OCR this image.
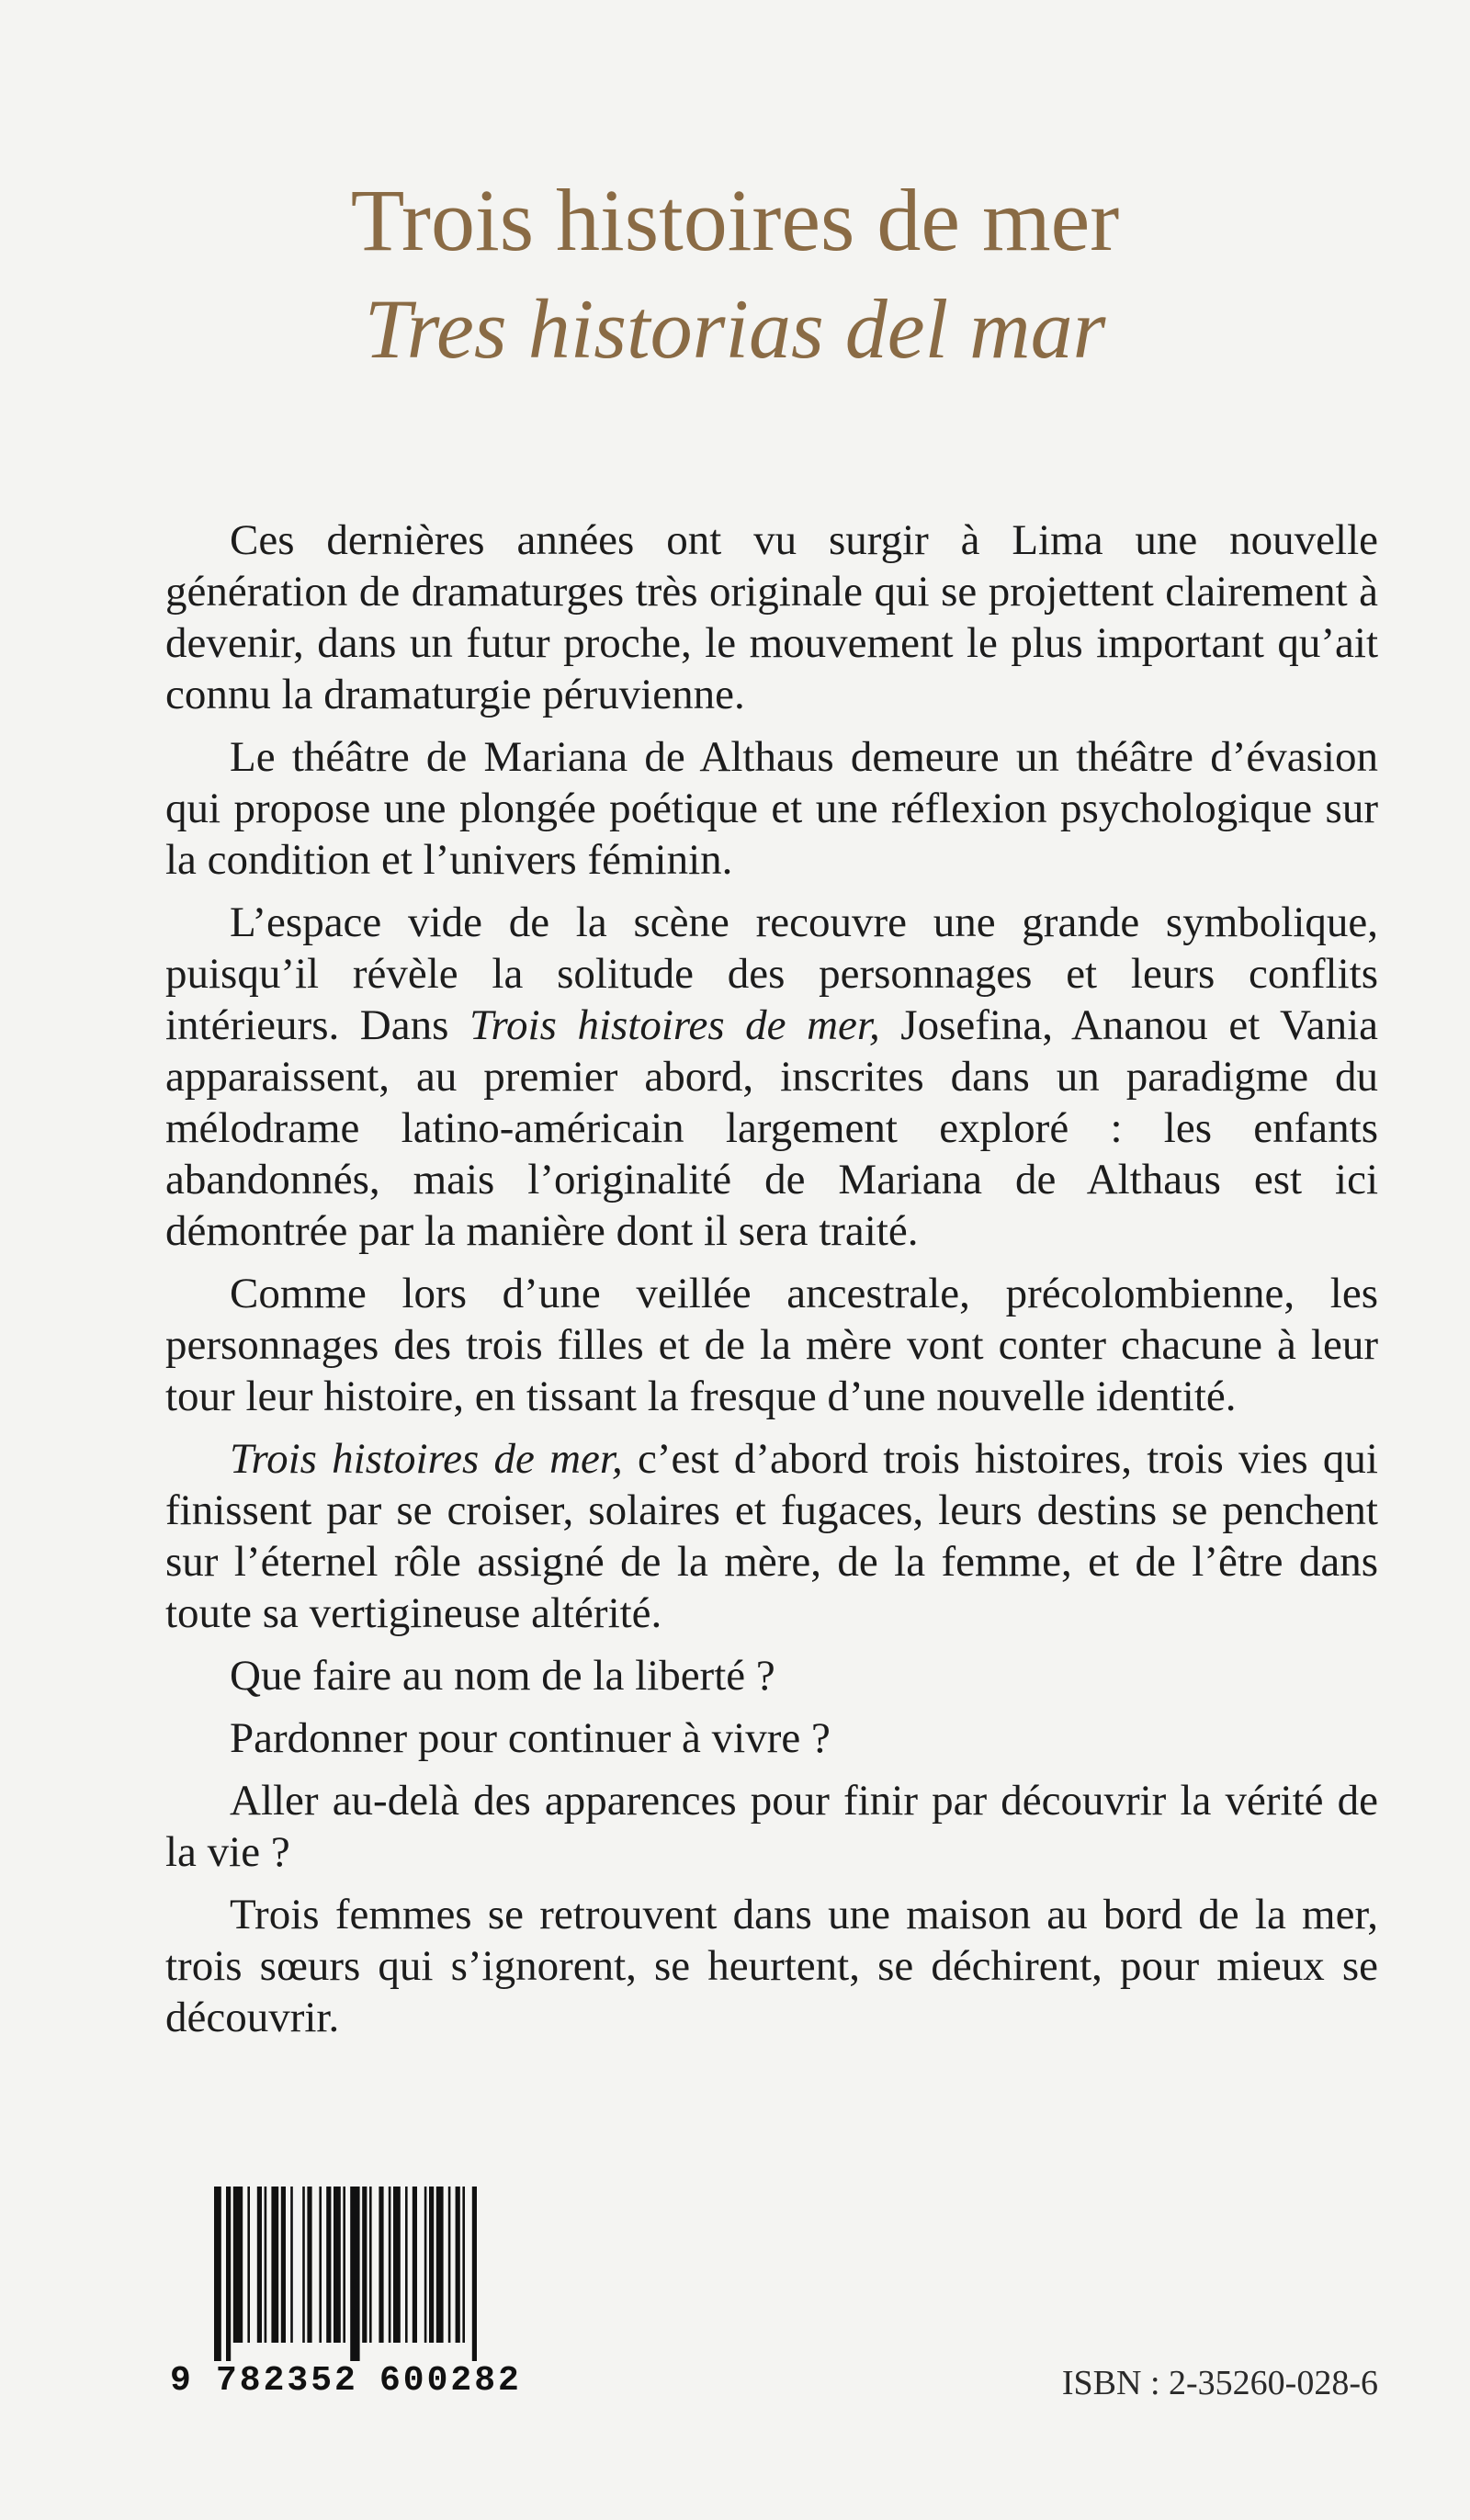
Trois histoires de mer
Tres historias del mar

Ces dernières années ont vu surgir à Lima une nouvelle génération de dramaturges très originale qui se projettent clairement à devenir, dans un futur proche, le mouvement le plus important qu’ait connu la dramaturgie péruvienne.

Le théâtre de Mariana de Althaus demeure un théâtre d’évasion qui propose une plongée poétique et une réflexion psychologique sur la condition et l’univers féminin.

L’espace vide de la scène recouvre une grande symbolique, puisqu’il révèle la solitude des personnages et leurs conflits intérieurs. Dans Trois histoires de mer, Josefina, Ananou et Vania apparaissent, au premier abord, inscrites dans un paradigme du mélodrame latino-américain largement exploré : les enfants abandonnés, mais l’originalité de Mariana de Althaus est ici démontrée par la manière dont il sera traité.

Comme lors d’une veillée ancestrale, précolombienne, les personnages des trois filles et de la mère vont conter chacune à leur tour leur histoire, en tissant la fresque d’une nouvelle identité.

Trois histoires de mer, c’est d’abord trois histoires, trois vies qui finissent par se croiser, solaires et fugaces, leurs destins se penchent sur l’éternel rôle assigné de la mère, de la femme, et de l’être dans toute sa vertigineuse altérité.

Que faire au nom de la liberté ?

Pardonner pour continuer à vivre ?

Aller au-delà des apparences pour finir par découvrir la vérité de la vie ?

Trois femmes se retrouvent dans une maison au bord de la mer, trois sœurs qui s’ignorent, se heurtent, se déchirent, pour mieux se découvrir.

9 782352 600282	ISBN : 2-35260-028-6
